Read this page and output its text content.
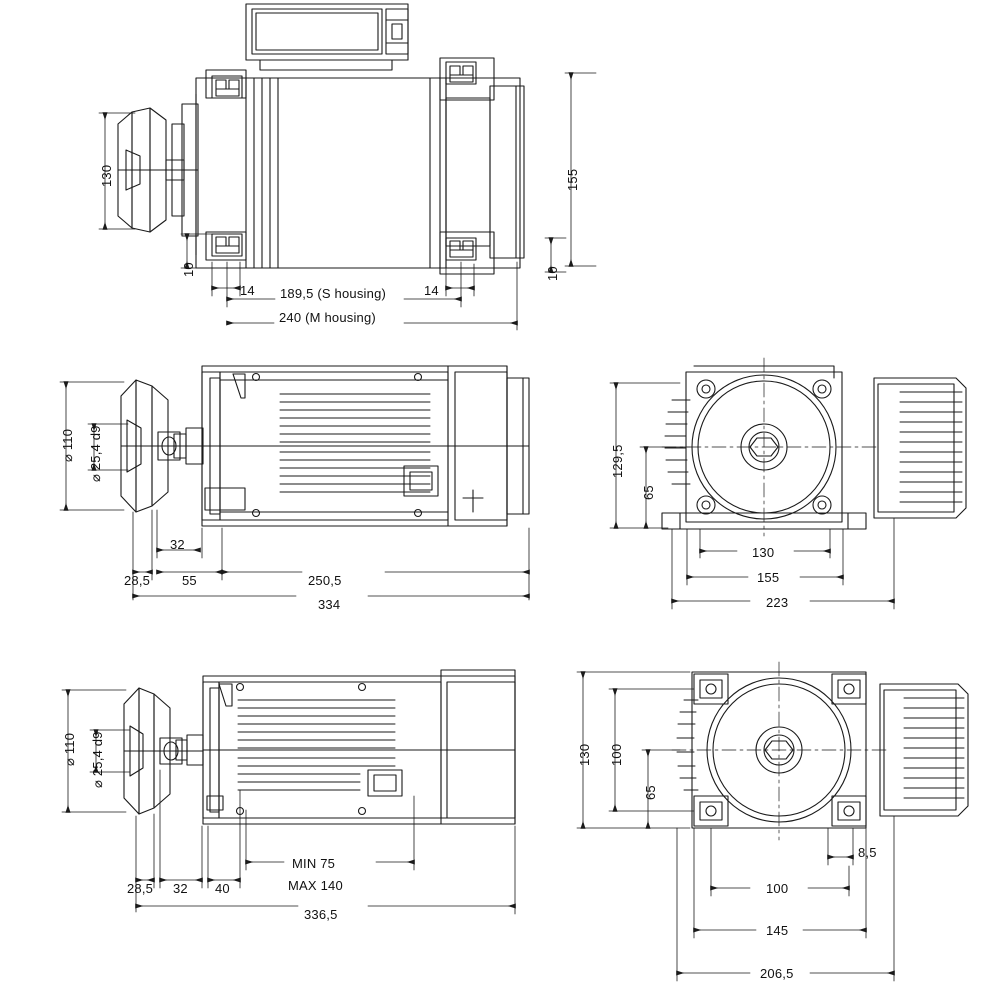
130	155
10	10
14	14
189,5 (S housing)
240 (M housing)
⌀ 110 ⌀ 25,4 d9
32
28,5 55	250,5
334
129,5
65
130
155
223
⌀ 110 ⌀ 25,4 d9
28,5 32 40
MIN 75
MAX 140
336,5
130 100
65
8,5
100
145
206,5
